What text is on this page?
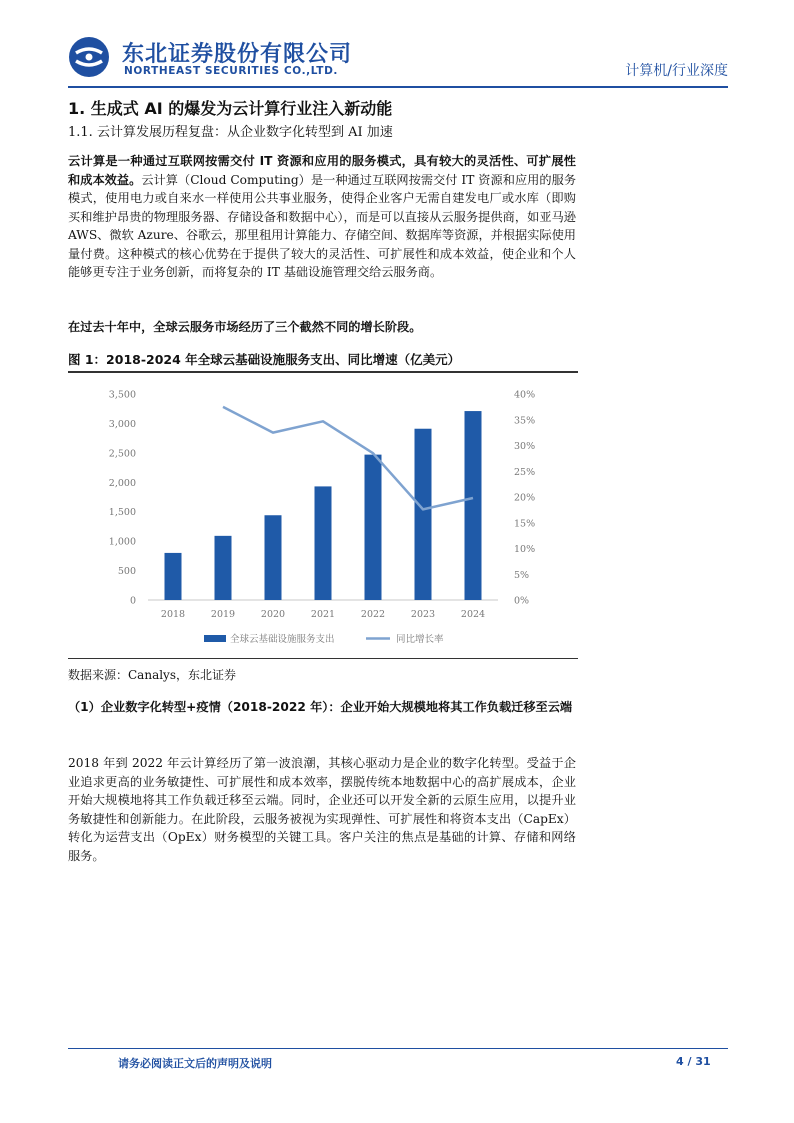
东北证券股份有限公司
NORTHEAST SECURITIES CO.,LTD.	计算机/行业深度
1. 生成式 AI 的爆发为云计算行业注入新动能
1.1. 云计算发展历程复盘：从企业数字化转型到 AI 加速
云计算是一种通过互联网按需交付 IT 资源和应用的服务模式，具有较大的灵活性、可扩展性和成本效益。云计算（Cloud Computing）是一种通过互联网按需交付 IT 资源和应用的服务模式，使用电力或自来水一样使用公共事业服务，使得企业客户无需自建发电厂或水库（即购买和维护昂贵的物理服务器、存储设备和数据中心），而是可以直接从云服务提供商，如亚马逊 AWS、微软 Azure、谷歌云，那里租用计算能力、存储空间、数据库等资源，并根据实际使用量付费。这种模式的核心优势在于提供了较大的灵活性、可扩展性和成本效益，使企业和个人能够更专注于业务创新，而将复杂的 IT 基础设施管理交给云服务商。
在过去十年中，全球云服务市场经历了三个截然不同的增长阶段。
图 1：2018-2024 年全球云基础设施服务支出、同比增速（亿美元）
0
500
1,000
1,500
2,000
2,500
3,000
3,500
0%
5%
10%
15%
20%
25%
30%
35%
40%
2018	2019	2020	2021	2022	2023	2024
全球云基础设施服务支出	同比增长率
数据来源：Canalys，东北证券
（1）企业数字化转型+疫情（2018-2022 年）：企业开始大规模地将其工作负载迁移至云端
2018 年到 2022 年云计算经历了第一波浪潮，其核心驱动力是企业的数字化转型。受益于企业追求更高的业务敏捷性、可扩展性和成本效率，摆脱传统本地数据中心的高扩展成本，企业开始大规模地将其工作负载迁移至云端。同时，企业还可以开发全新的云原生应用，以提升业务敏捷性和创新能力。在此阶段，云服务被视为实现弹性、可扩展性和将资本支出（CapEx）转化为运营支出（OpEx）财务模型的关键工具。客户关注的焦点是基础的计算、存储和网络服务。
请务必阅读正文后的声明及说明	4 / 31
